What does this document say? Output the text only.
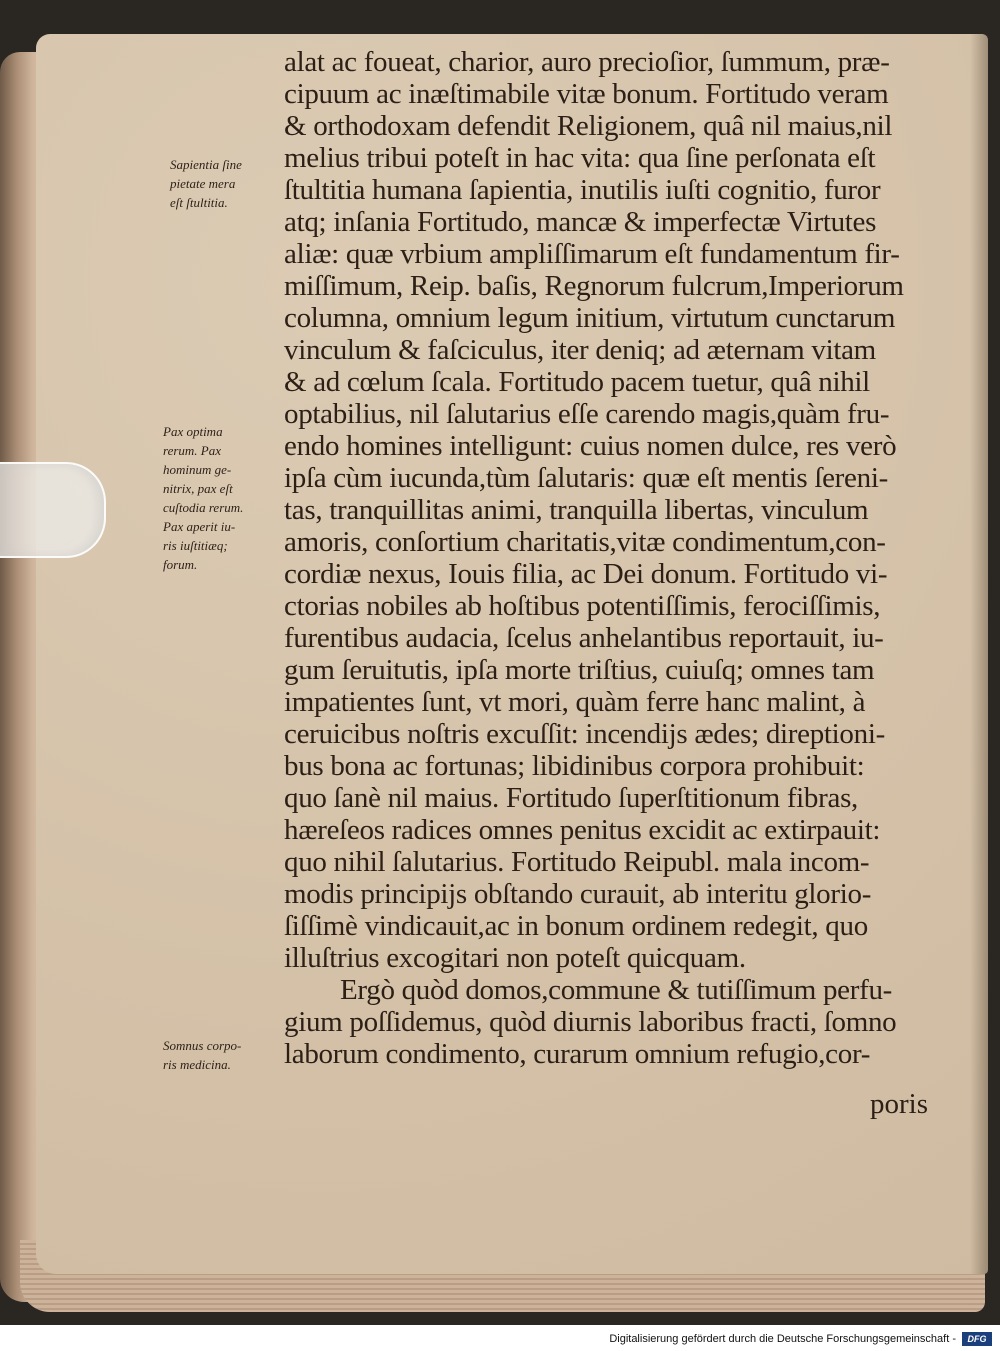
Sapientia ſine
pietate mera
eſt ſtultitia.
Pax optima
rerum. Pax
hominum ge-
nitrix, pax eſt
cuſtodia rerum.
Pax aperit iu-
ris iuſtitiæq;
forum.
Somnus corpo-
ris medicina.
alat ac foueat, charior, auro precioſior, ſummum, præ-
cipuum ac inæſtimabile vitæ bonum. Fortitudo veram
& orthodoxam defendit Religionem, quâ nil maius,nil
melius tribui poteſt in hac vita: qua ſine perſonata eſt
ſtultitia humana ſapientia, inutilis iuſti cognitio, furor
atq; inſania Fortitudo, mancæ & imperfectæ Virtutes
aliæ: quæ vrbium ampliſſimarum eſt fundamentum fir-
miſſimum, Reip. baſis, Regnorum fulcrum,Imperiorum
columna, omnium legum initium, virtutum cunctarum
vinculum & faſciculus, iter deniq; ad æternam vitam
& ad cœlum ſcala. Fortitudo pacem tuetur, quâ nihil
optabilius, nil ſalutarius eſſe carendo magis,quàm fru-
endo homines intelligunt: cuius nomen dulce, res verò
ipſa cùm iucunda,tùm ſalutaris: quæ eſt mentis ſereni-
tas, tranquillitas animi, tranquilla libertas, vinculum
amoris, conſortium charitatis,vitæ condimentum,con-
cordiæ nexus, Iouis filia, ac Dei donum. Fortitudo vi-
ctorias nobiles ab hoſtibus potentiſſimis, ferociſſimis,
furentibus audacia, ſcelus anhelantibus reportauit, iu-
gum ſeruitutis, ipſa morte triſtius, cuiuſq; omnes tam
impatientes ſunt, vt mori, quàm ferre hanc malint, à
ceruicibus noſtris excuſſit: incendijs ædes; direptioni-
bus bona ac fortunas; libidinibus corpora prohibuit:
quo ſanè nil maius. Fortitudo ſuperſtitionum fibras,
hæreſeos radices omnes penitus excidit ac extirpauit:
quo nihil ſalutarius. Fortitudo Reipubl. mala incom-
modis principijs obſtando curauit, ab interitu glorio-
ſiſſimè vindicauit,ac in bonum ordinem redegit, quo
illuſtrius excogitari non poteſt quicquam.
Ergò quòd domos,commune & tutiſſimum perfu-
gium poſſidemus, quòd diurnis laboribus fracti, ſomno
laborum condimento, curarum omnium refugio,cor-
poris
Digitalisierung gefördert durch die Deutsche Forschungsgemeinschaft -	DFG
